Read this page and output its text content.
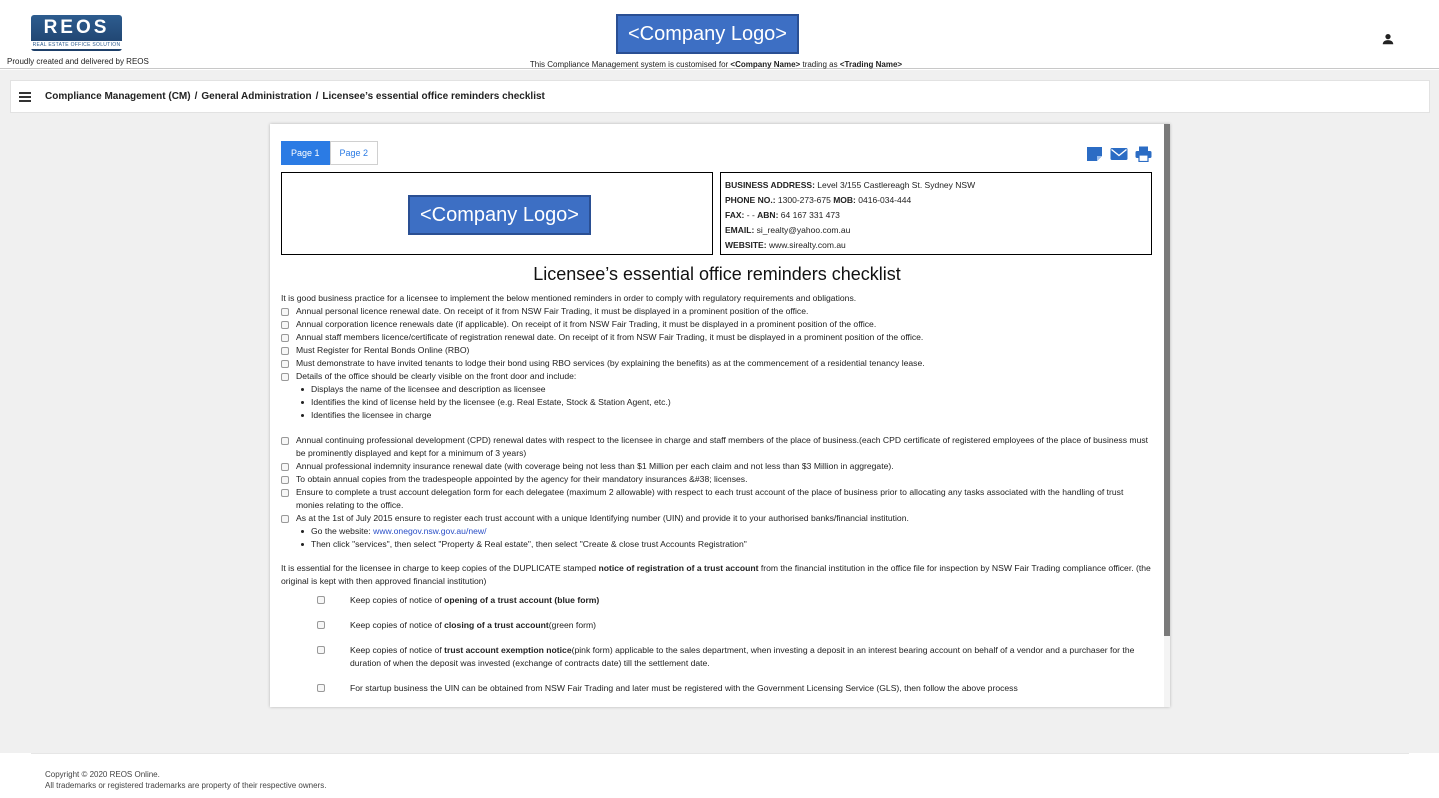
REOS
REAL ESTATE OFFICE SOLUTION
Proudly created and delivered by REOS
<Company Logo>
This Compliance Management system is customised for <Company Name> trading as <Trading Name>
Compliance Management (CM) / General Administration / Licensee’s essential office reminders checklist
Page 1	Page 2
<Company Logo>
BUSINESS ADDRESS: Level 3/155 Castlereagh St. Sydney NSW
PHONE NO.: 1300-273-675 MOB: 0416-034-444
FAX: - - ABN: 64 167 331 473
EMAIL: si_realty@yahoo.com.au
WEBSITE: www.sirealty.com.au
Licensee’s essential office reminders checklist
It is good business practice for a licensee to implement the below mentioned reminders in order to comply with regulatory requirements and obligations.
Annual personal licence renewal date. On receipt of it from NSW Fair Trading, it must be displayed in a prominent position of the office.
Annual corporation licence renewals date (if applicable). On receipt of it from NSW Fair Trading, it must be displayed in a prominent position of the office.
Annual staff members licence/certificate of registration renewal date. On receipt of it from NSW Fair Trading, it must be displayed in a prominent position of the office.
Must Register for Rental Bonds Online (RBO)
Must demonstrate to have invited tenants to lodge their bond using RBO services (by explaining the benefits) as at the commencement of a residential tenancy lease.
Details of the office should be clearly visible on the front door and include:
Displays the name of the licensee and description as licensee
Identifies the kind of license held by the licensee (e.g. Real Estate, Stock & Station Agent, etc.)
Identifies the licensee in charge
Annual continuing professional development (CPD) renewal dates with respect to the licensee in charge and staff members of the place of business.(each CPD certificate of registered employees of the place of business must be prominently displayed and kept for a minimum of 3 years)
Annual professional indemnity insurance renewal date (with coverage being not less than $1 Million per each claim and not less than $3 Million in aggregate).
To obtain annual copies from the tradespeople appointed by the agency for their mandatory insurances &#38; licenses.
Ensure to complete a trust account delegation form for each delegatee (maximum 2 allowable) with respect to each trust account of the place of business prior to allocating any tasks associated with the handling of trust monies relating to the office.
As at the 1st of July 2015 ensure to register each trust account with a unique Identifying number (UIN) and provide it to your authorised banks/financial institution.
Go the website: www.onegov.nsw.gov.au/new/
Then click "services", then select "Property & Real estate", then select "Create & close trust Accounts Registration"
It is essential for the licensee in charge to keep copies of the DUPLICATE stamped notice of registration of a trust account from the financial institution in the office file for inspection by NSW Fair Trading compliance officer. (the original is kept with then approved financial institution)
Keep copies of notice of opening of a trust account (blue form)
Keep copies of notice of closing of a trust account(green form)
Keep copies of notice of trust account exemption notice(pink form) applicable to the sales department, when investing a deposit in an interest bearing account on behalf of a vendor and a purchaser for the duration of when the deposit was invested (exchange of contracts date) till the settlement date.
For startup business the UIN can be obtained from NSW Fair Trading and later must be registered with the Government Licensing Service (GLS), then follow the above process
Copyright © 2020 REOS Online.
All trademarks or registered trademarks are property of their respective owners.
